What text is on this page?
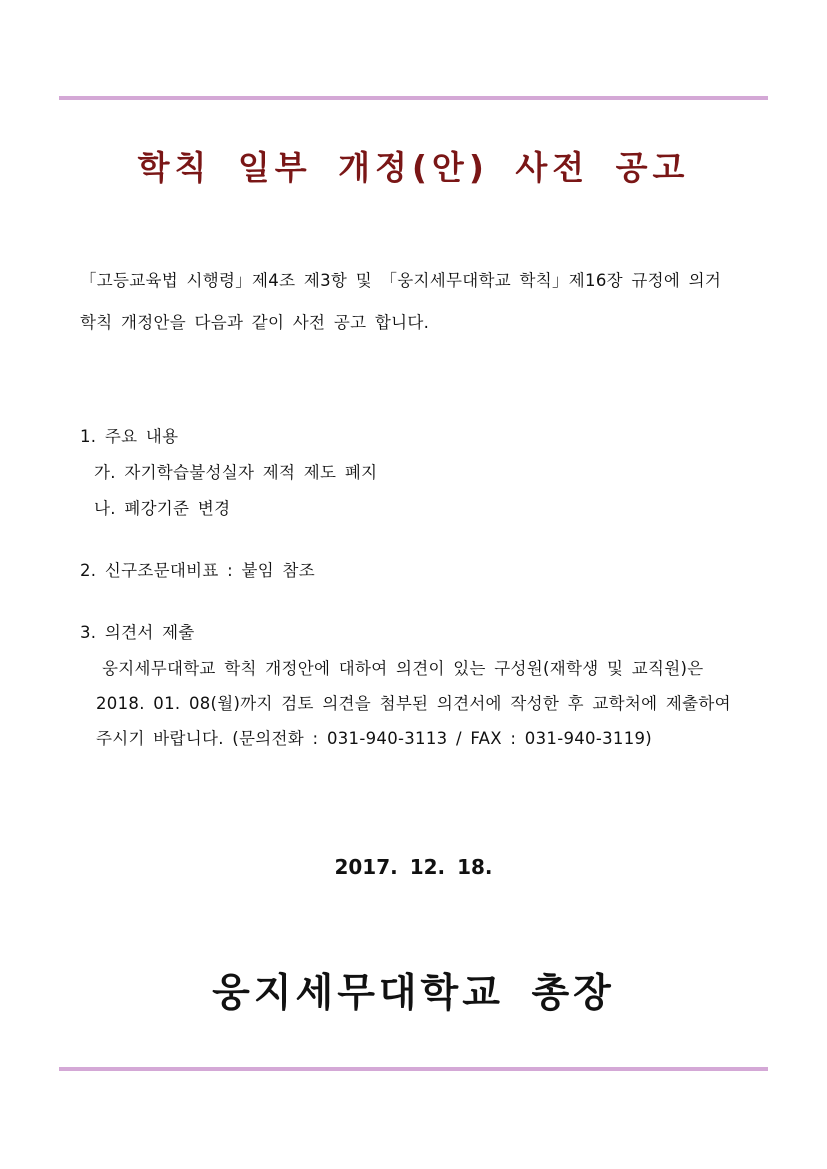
학칙 일부 개정(안) 사전 공고
「고등교육법 시행령」제4조 제3항 및 「웅지세무대학교 학칙」제16장 규정에 의거
학칙 개정안을 다음과 같이 사전 공고 합니다.
1. 주요 내용
가. 자기학습불성실자 제적 제도 폐지
나. 폐강기준 변경
2. 신구조문대비표 : 붙임 참조
3. 의견서 제출
웅지세무대학교 학칙 개정안에 대하여 의견이 있는 구성원(재학생 및 교직원)은
2018. 01. 08(월)까지 검토 의견을 첨부된 의견서에 작성한 후 교학처에 제출하여
주시기 바랍니다. (문의전화 : 031-940-3113 / FAX : 031-940-3119)
2017. 12. 18.
웅지세무대학교 총장
